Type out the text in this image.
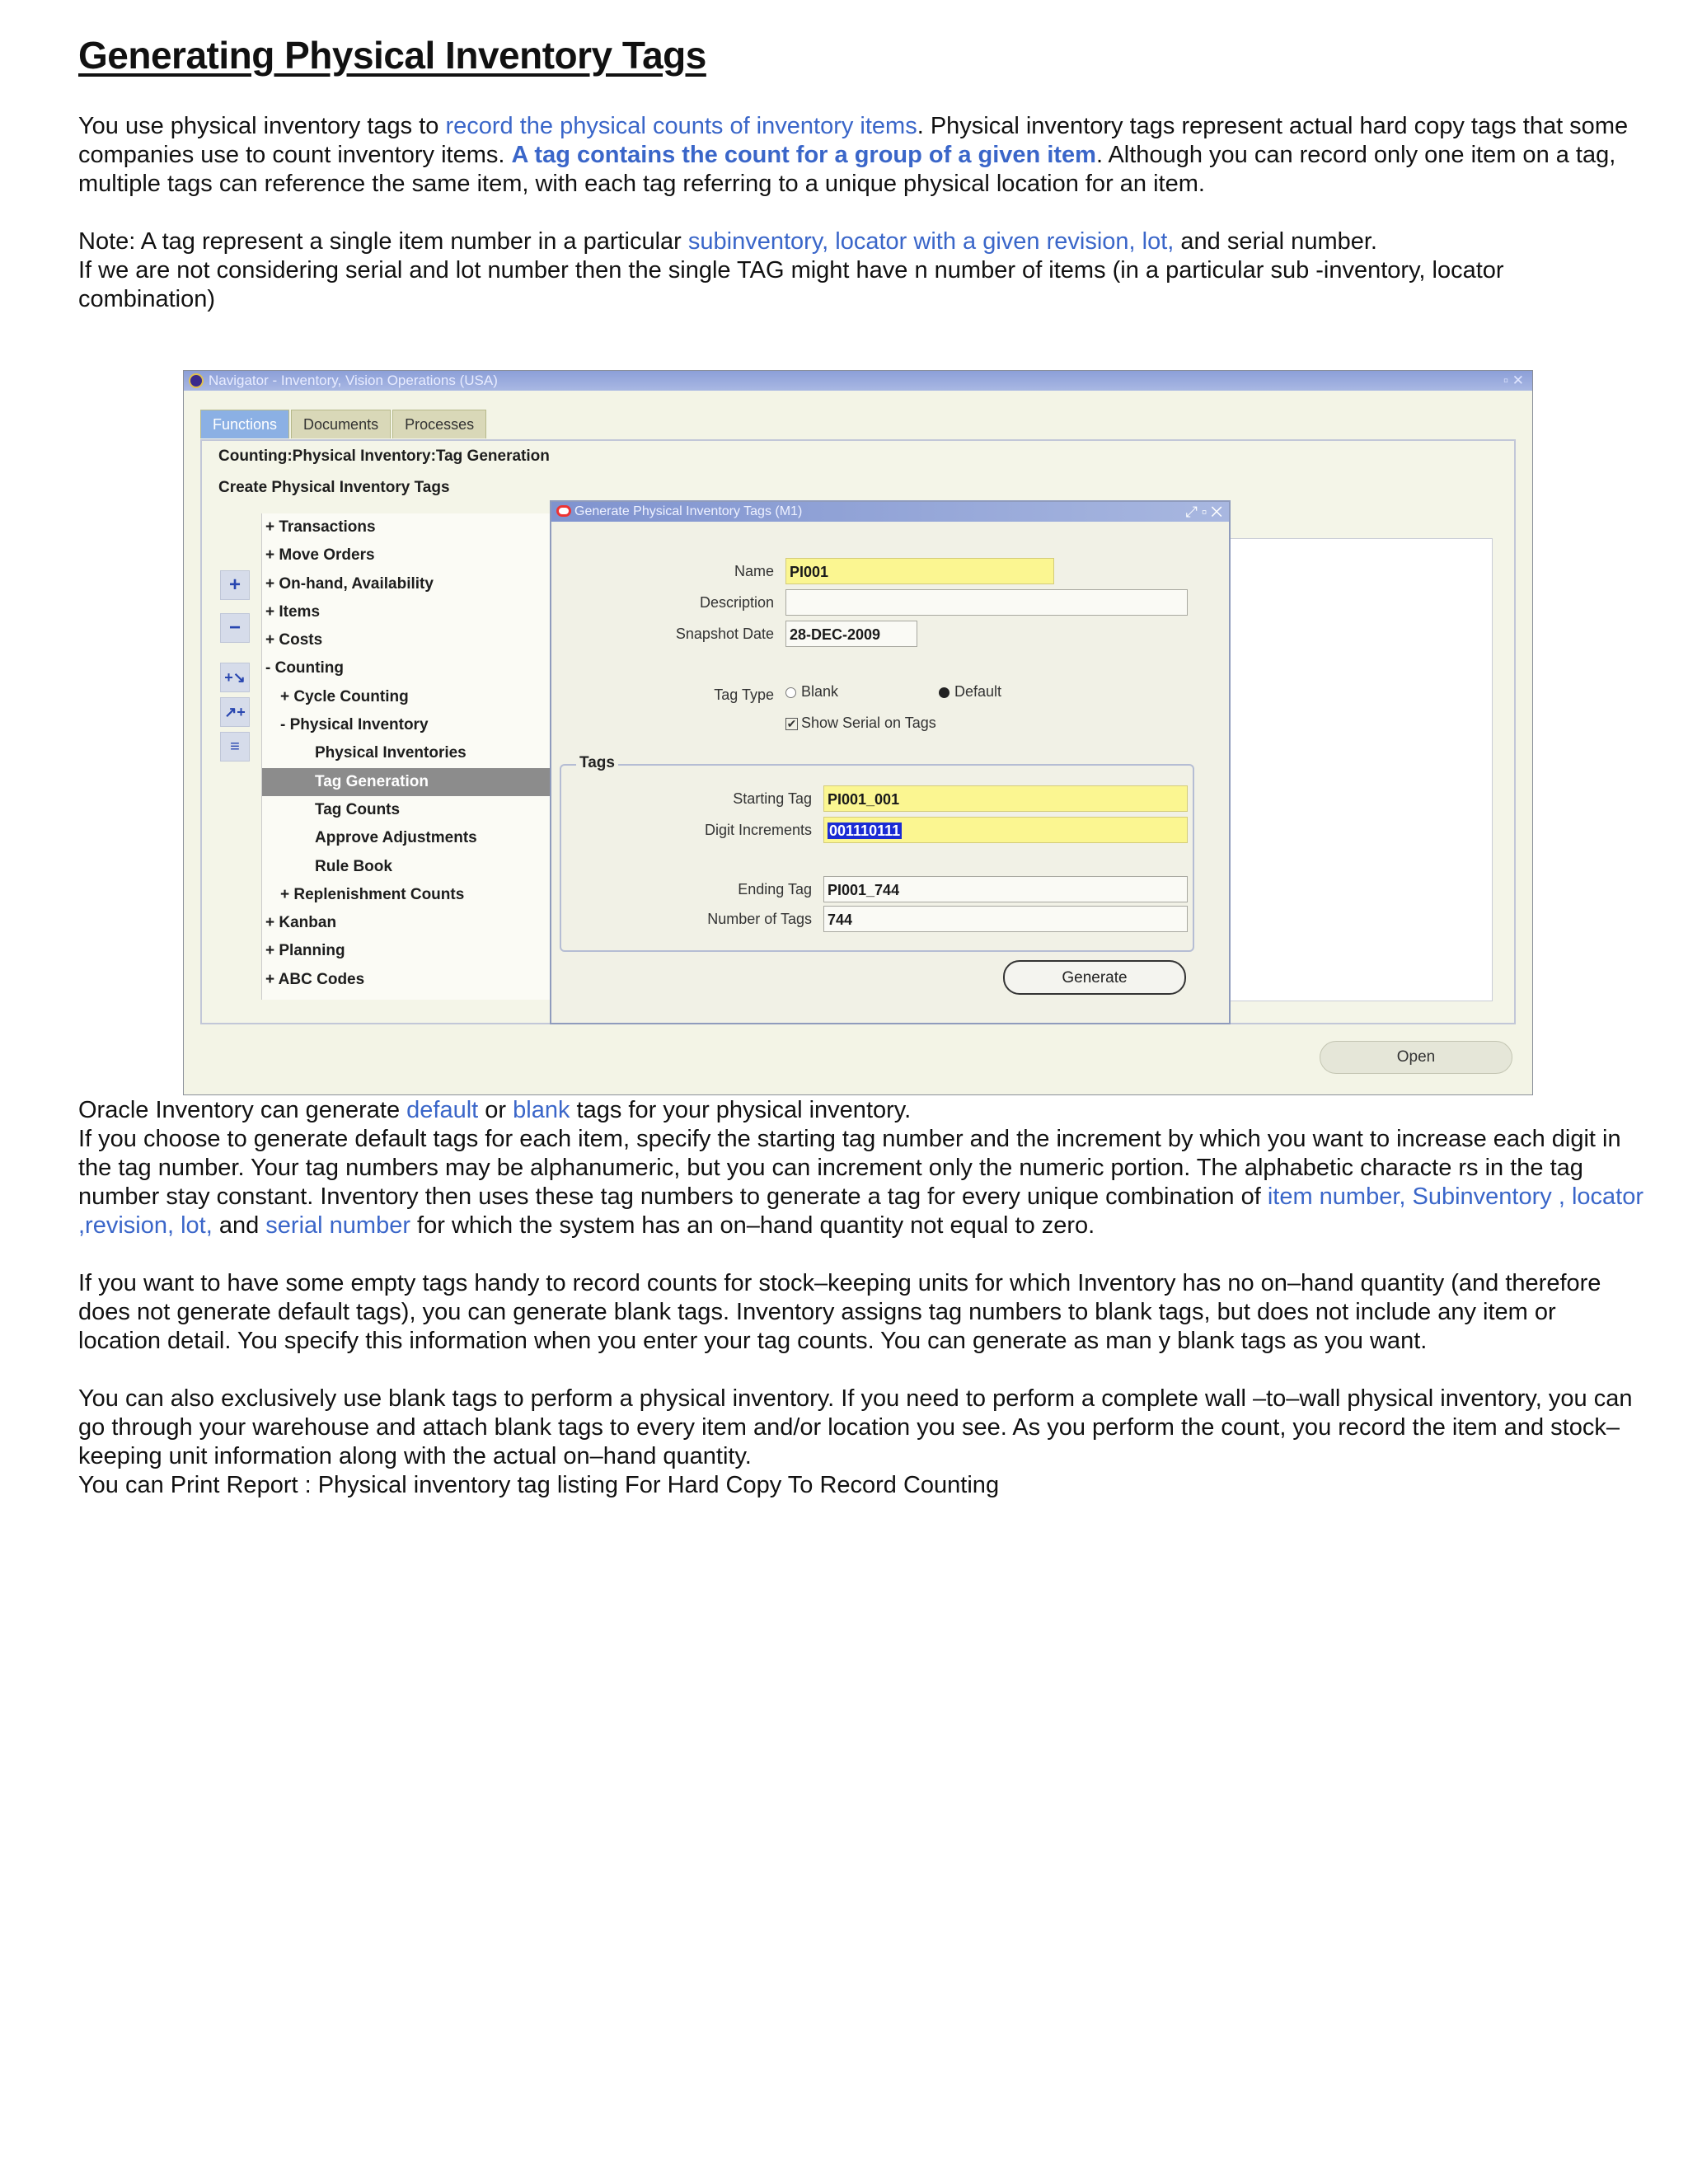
Generating Physical Inventory Tags

You use physical inventory tags to record the physical counts of inventory items. Physical inventory tags represent actual hard copy tags that some companies use to count inventory items. A tag contains the count for a group of a given item. Although you can record only one item on a tag, multiple tags can reference the same item, with each tag referring to a unique physical location for an item.

Note: A tag represent a single item number in a particular subinventory, locator with a given revision, lot, and serial number.

If we are not considering serial and lot number then the single TAG might have n number of items (in a particular sub -inventory, locator combination)

Navigator - Inventory, Vision Operations (USA)	▫ ✕
Functions Documents Processes
Counting:Physical Inventory:Tag Generation
Create Physical Inventory Tags
+
−
+↘
↗+
≡
+ Transactions
+ Move Orders
+ On-hand, Availability
+ Items
+ Costs
- Counting
+ Cycle Counting
- Physical Inventory
Physical Inventories
Tag Generation
Tag Counts
Approve Adjustments
Rule Book
+ Replenishment Counts
+ Kanban
+ Planning
+ ABC Codes
Open
Generate Physical Inventory Tags (M1)	⤢ ▫ ✕
Name PI001
Description
Snapshot Date 28-DEC-2009
Tag Type	Blank	Default
✔ Show Serial on Tags
Tags
Starting Tag PI001_001
Digit Increments	001110111
Ending Tag PI001_744
Number of Tags 744
Generate

Oracle Inventory can generate default or blank tags for your physical inventory.

If you choose to generate default tags for each item, specify the starting tag number and the increment by which you want to increase each digit in the tag number. Your tag numbers may be alphanumeric, but you can increment only the numeric portion. The alphabetic characte rs in the tag number stay constant. Inventory then uses these tag numbers to generate a tag for every unique combination of item number, Subinventory , locator ,revision, lot, and serial number for which the system has an on–hand quantity not equal to zero.

If you want to have some empty tags handy to record counts for stock–keeping units for which Inventory has no on–hand quantity (and therefore does not generate default tags), you can generate blank tags. Inventory assigns tag numbers to blank tags, but does not include any item or location detail. You specify this information when you enter your tag counts. You can generate as man y blank tags as you want.

You can also exclusively use blank tags to perform a physical inventory. If you need to perform a complete wall –to–wall physical inventory, you can go through your warehouse and attach blank tags to every item and/or location you see. As you perform the count, you record the item and stock–keeping unit information along with the actual on–hand quantity.

You can Print Report : Physical inventory tag listing For Hard Copy To Record Counting
